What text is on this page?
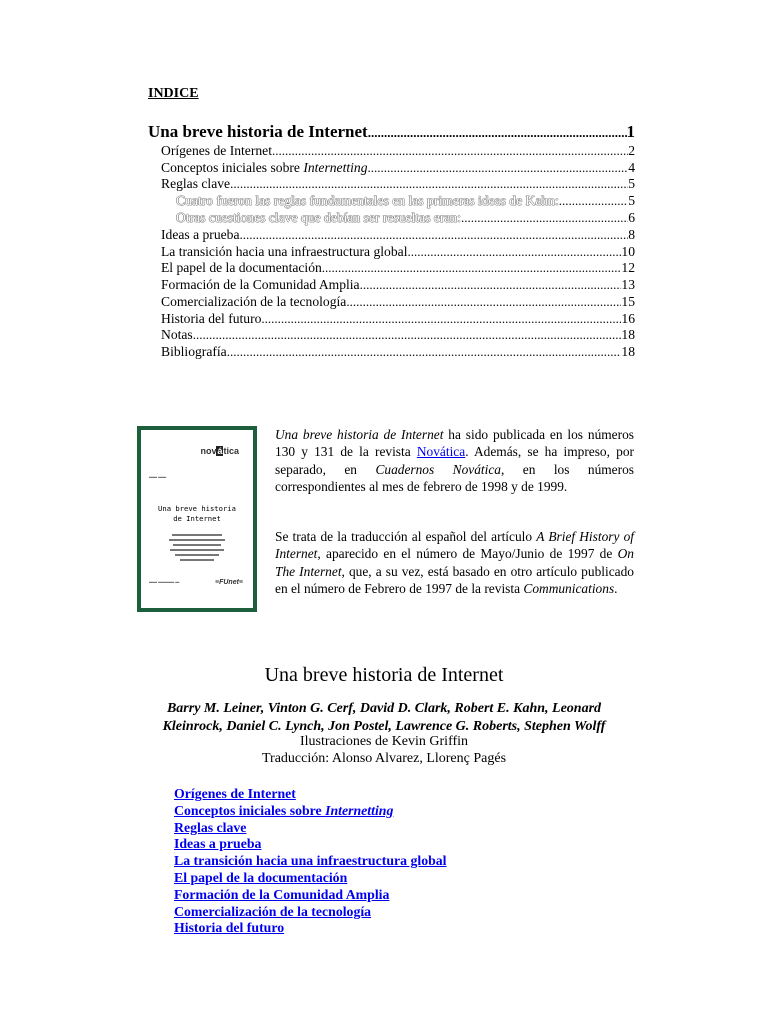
INDICE
Una breve historia de Internet .....	1
Orígenes de Internet .....	2
Conceptos iniciales sobre Internetting .....	4
Reglas clave .....	5
Cuatro fueron las reglas fundamentales en las primeras ideas de Kahn: .....	5
Otras cuestiones clave que debían ser resueltas eran: .....	6
Ideas a prueba .....	8
La transición hacia una infraestructura global .....	10
El papel de la documentación .....	12
Formación de la Comunidad Amplia .....	13
Comercialización de la tecnología .....	15
Historia del futuro .....	16
Notas .....	18
Bibliografía .....	18
novática
▬▬ ▬▬
Una breve historia
de Internet
▬▬ ▬▬▬▬ ▬	≡FUnet≡
Una breve historia de Internet ha sido publicada en los números 130 y 131 de la revista Novática. Además, se ha impreso, por separado, en Cuadernos Novática, en los números correspondientes al mes de febrero de 1998 y de 1999.
Se trata de la traducción al español del artículo A Brief History of Internet, aparecido en el número de Mayo/Junio de 1997 de On The Internet, que, a su vez, está basado en otro artículo publicado en el número de Febrero de 1997 de la revista Communications.
Una breve historia de Internet
Barry M. Leiner, Vinton G. Cerf, David D. Clark, Robert E. Kahn, Leonard
Kleinrock, Daniel C. Lynch, Jon Postel, Lawrence G. Roberts, Stephen Wolff
Ilustraciones de Kevin Griffin
Traducción: Alonso Alvarez, Llorenç Pagés
Orígenes de Internet
Conceptos iniciales sobre Internetting
Reglas clave
Ideas a prueba
La transición hacia una infraestructura global
El papel de la documentación
Formación de la Comunidad Amplia
Comercialización de la tecnología
Historia del futuro
